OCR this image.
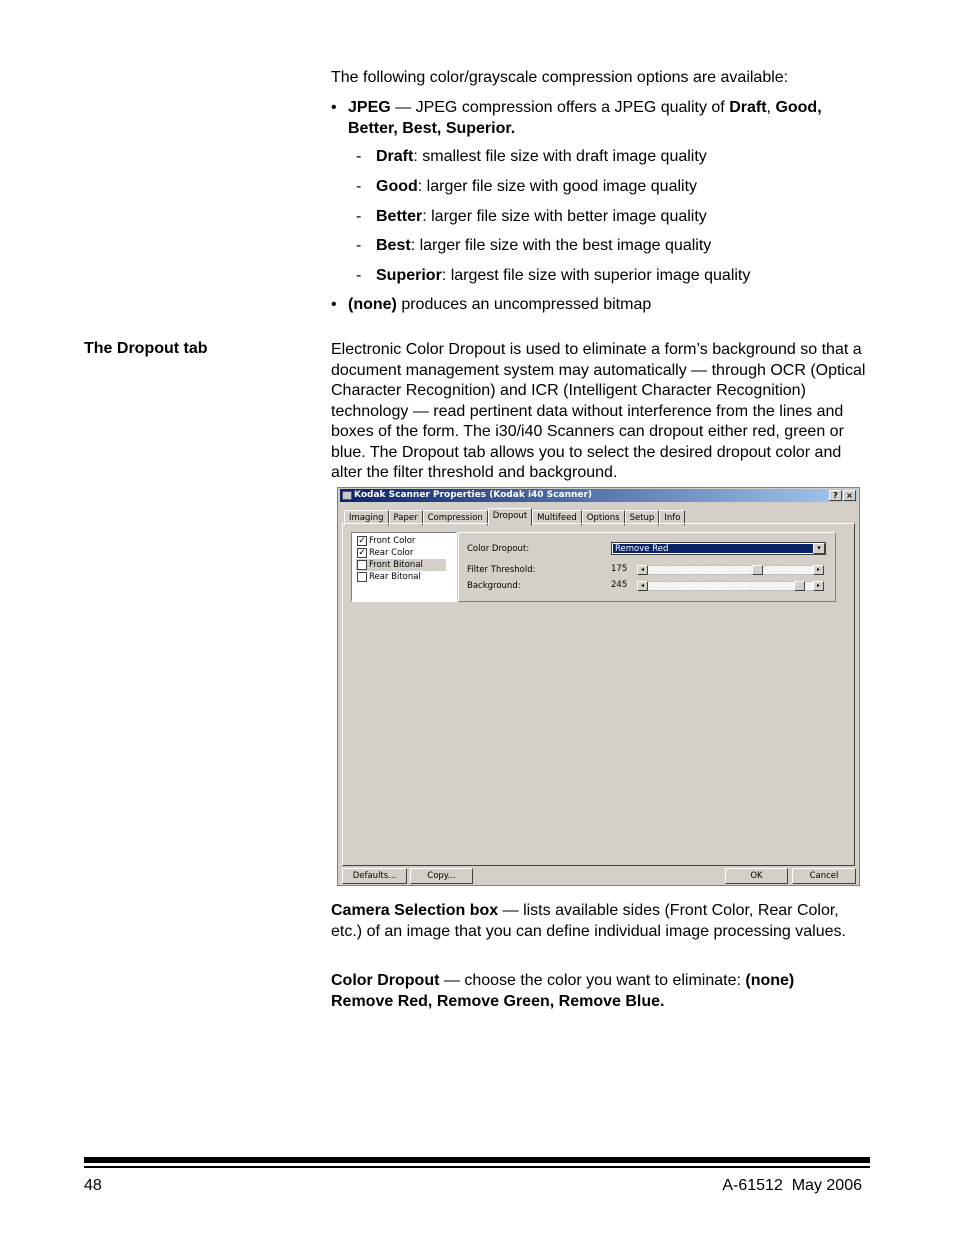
The following color/grayscale compression options are available:
• JPEG — JPEG compression offers a JPEG quality of Draft, Good, Better, Best, Superior.
- Draft: smallest file size with draft image quality
- Good: larger file size with good image quality
- Better: larger file size with better image quality
- Best: larger file size with the best image quality
- Superior: largest file size with superior image quality
• (none) produces an uncompressed bitmap
The Dropout tab	Electronic Color Dropout is used to eliminate a form’s background so that a document management system may automatically — through OCR (Optical Character Recognition) and ICR (Intelligent Character Recognition) technology — read pertinent data without interference from the lines and boxes of the form. The i30/i40 Scanners can dropout either red, green or blue. The Dropout tab allows you to select the desired dropout color and alter the filter threshold and background.
Kodak Scanner Properties (Kodak i40 Scanner)	?	×
Imaging	Paper	Compression	Dropout	Multifeed	Options	Setup	Info
✓ Front Color
✓ Rear Color
Front Bitonal
Rear Bitonal
Color Dropout:	Remove Red	▾
Filter Threshold:	175	◂	▸
Background:	245	◂	▸
Defaults...	Copy...	OK	Cancel
Camera Selection box — lists available sides (Front Color, Rear Color, etc.) of an image that you can define individual image processing values.
Color Dropout — choose the color you want to eliminate: (none) Remove Red, Remove Green, Remove Blue.
48	A-61512  May 2006
